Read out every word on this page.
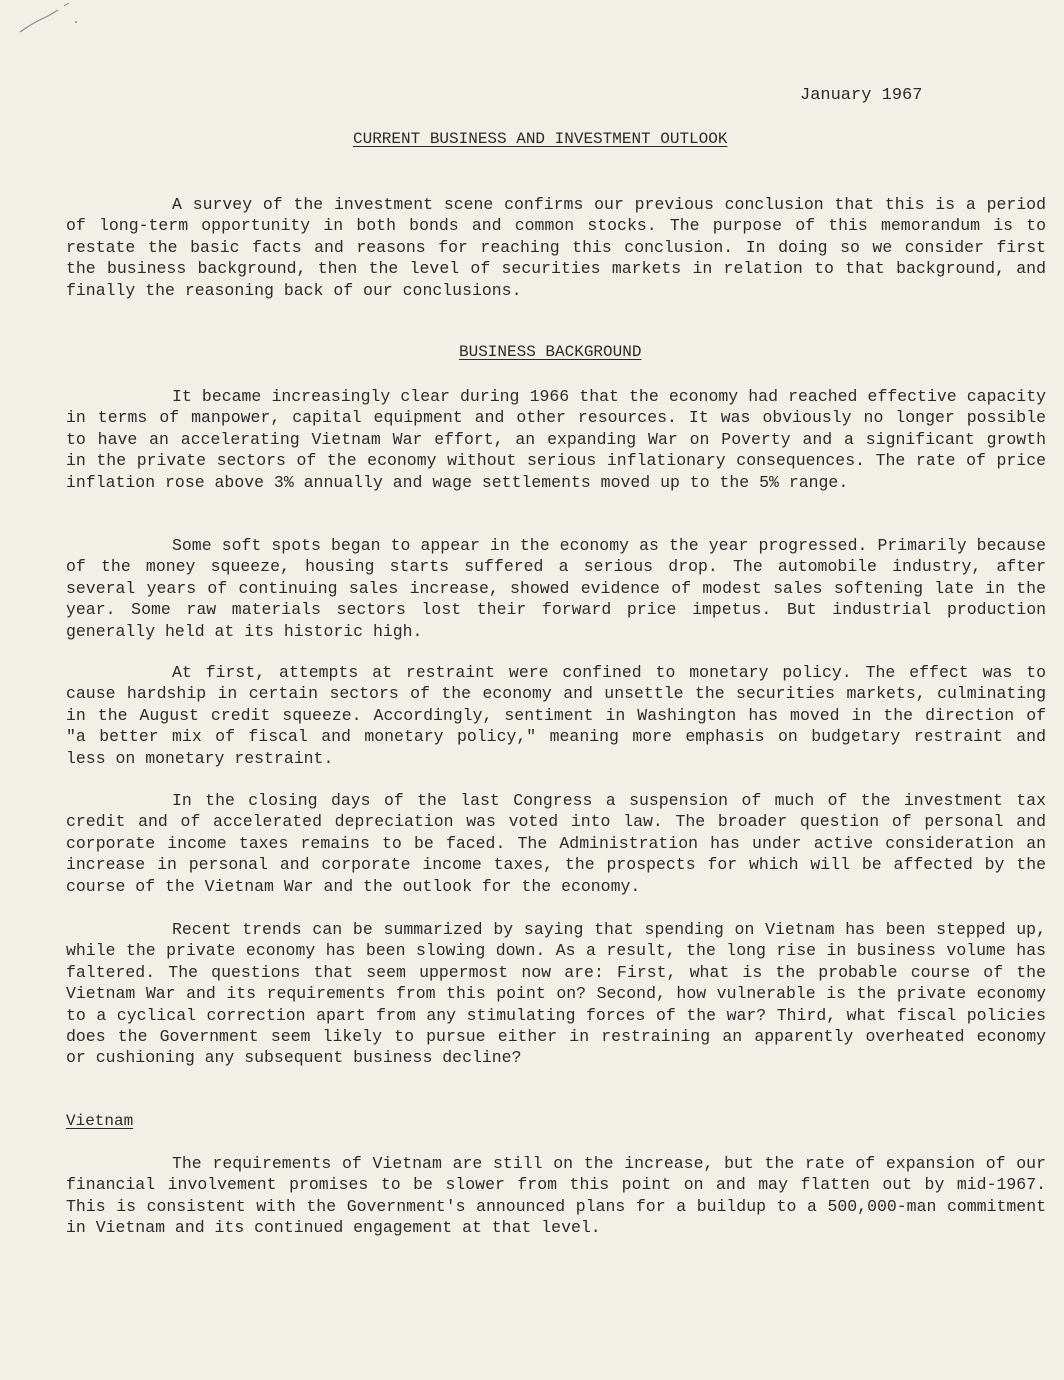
January 1967
CURRENT BUSINESS AND INVESTMENT OUTLOOK
A survey of the investment scene confirms our previous conclusion that this is a period of long-term opportunity in both bonds and common stocks. The purpose of this memorandum is to restate the basic facts and reasons for reaching this conclusion. In doing so we consider first the business background, then the level of securities markets in relation to that background, and finally the reasoning back of our conclusions.
BUSINESS BACKGROUND
It became increasingly clear during 1966 that the economy had reached effective capacity in terms of manpower, capital equipment and other resources. It was obviously no longer possible to have an accelerating Vietnam War effort, an expanding War on Poverty and a significant growth in the private sectors of the economy without serious inflationary consequences. The rate of price inflation rose above 3% annually and wage settlements moved up to the 5% range.
Some soft spots began to appear in the economy as the year progressed. Primarily because of the money squeeze, housing starts suffered a serious drop. The automobile industry, after several years of continuing sales increase, showed evidence of modest sales softening late in the year. Some raw materials sectors lost their forward price impetus. But industrial production generally held at its historic high.
At first, attempts at restraint were confined to monetary policy. The effect was to cause hardship in certain sectors of the economy and unsettle the securities markets, culminating in the August credit squeeze. Accordingly, sentiment in Washington has moved in the direction of "a better mix of fiscal and monetary policy," meaning more emphasis on budgetary restraint and less on monetary restraint.
In the closing days of the last Congress a suspension of much of the investment tax credit and of accelerated depreciation was voted into law. The broader question of personal and corporate income taxes remains to be faced. The Administration has under active consideration an increase in personal and corporate income taxes, the prospects for which will be affected by the course of the Vietnam War and the outlook for the economy.
Recent trends can be summarized by saying that spending on Vietnam has been stepped up, while the private economy has been slowing down. As a result, the long rise in business volume has faltered. The questions that seem uppermost now are: First, what is the probable course of the Vietnam War and its requirements from this point on? Second, how vulnerable is the private economy to a cyclical correction apart from any stimulating forces of the war? Third, what fiscal policies does the Government seem likely to pursue either in restraining an apparently overheated economy or cushioning any subsequent business decline?
Vietnam
The requirements of Vietnam are still on the increase, but the rate of expansion of our financial involvement promises to be slower from this point on and may flatten out by mid-1967. This is consistent with the Government's announced plans for a buildup to a 500,000-man commitment in Vietnam and its continued engagement at that level.
